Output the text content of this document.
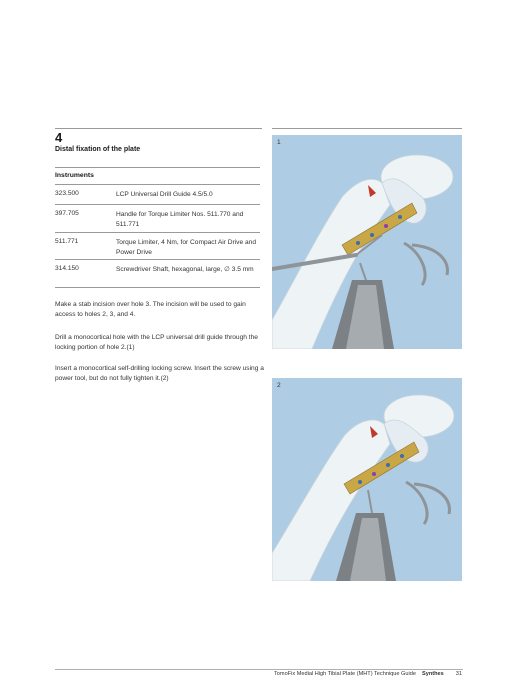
4
Distal fixation of the plate
Instruments
323.500	LCP Universal Drill Guide 4.5/5.0
397.705	Handle for Torque Limiter Nos. 511.770 and 511.771
511.771	Torque Limiter, 4 Nm, for Compact Air Drive and Power Drive
314.150	Screwdriver Shaft, hexagonal, large, ∅ 3.5 mm
Make a stab incision over hole 3. The incision will be used to gain access to holes 2, 3, and 4.
Drill a monocortical hole with the LCP universal drill guide through the locking portion of hole 2.(1)
Insert a monocortical self-drilling locking screw. Insert the screw using a power tool, but do not fully tighten it.(2)
1
2
TomoFix Medial High Tibial Plate (MHT) Technique Guide Synthes 31
